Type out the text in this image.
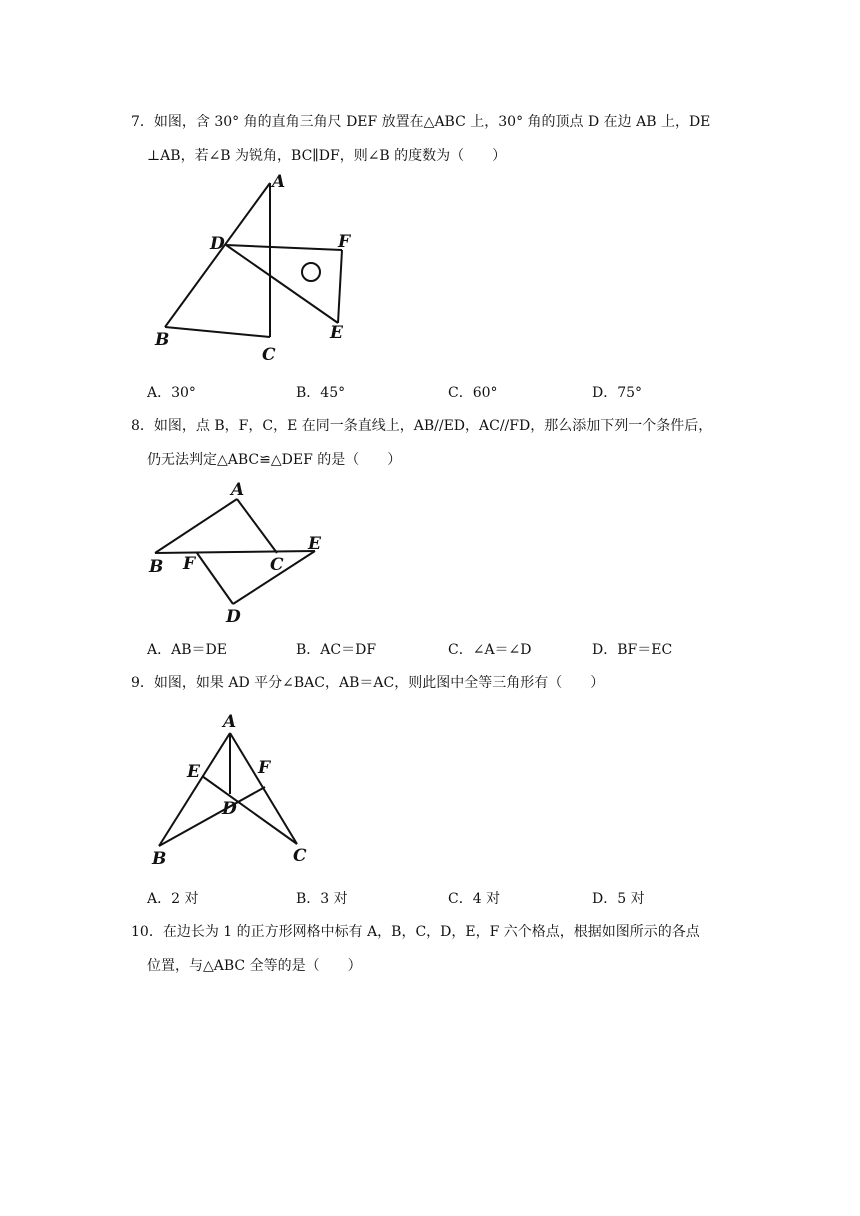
7．如图，含 30° 角的直角三角尺 DEF 放置在△ABC 上，30° 角的顶点 D 在边 AB 上，DE
⊥AB，若∠B 为锐角，BC∥DF，则∠B 的度数为（　　）
A
D	F
B
C
E
A．30°	B．45°	C．60°	D．75°
8．如图，点 B，F，C，E 在同一条直线上，AB//ED，AC//FD，那么添加下列一个条件后，
仍无法判定△ABC≌△DEF 的是（　　）
A
E
B F	C
D
A．AB＝DE	B．AC＝DF	C．∠A＝∠D	D．BF＝EC
9．如图，如果 AD 平分∠BAC，AB＝AC，则此图中全等三角形有（　　）
A
E	F
D
B	C
A．2 对	B．3 对	C．4 对	D．5 对
10．在边长为 1 的正方形网格中标有 A，B，C，D，E，F 六个格点，根据如图所示的各点
位置，与△ABC 全等的是（　　）
